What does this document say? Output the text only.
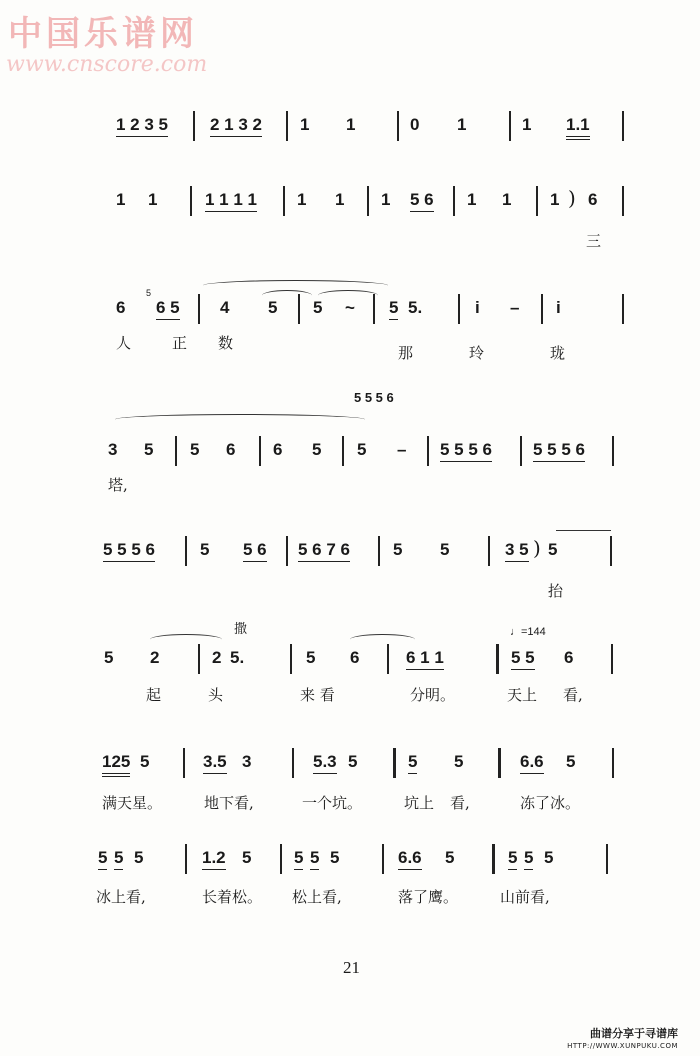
中国乐谱网
www.cnscore.com
1 2 3 5 2 1 3 2 1 1	0 1	1 1.1
1 1	1 1 1 1 1 1 1 5 6 1 1 1 ) 6
三
6
5
6 5 4 5 5 ~ 5 5.	i – i
人	正 数
那	玲	珑
5 5 5 6
3 5 5 6 6 5 5 – 5 5 5 6 5 5 5 6
塔,
5 5 5 6	5 5 6 5 6 7 6	5 5	3 5 ) 5
抬
撒	♩=144
5 2	2 5.	5 6	6 1 1	5 5 6
起	头	来 看	分明。	天上 看,
125 5	3.5 3	5.3 5	5 5	6.6 5
满天星。	地下看,	一个坑。	坑上 看,	冻了冰。
5 5 5	1.2 5	5 5 5	6.6 5	5 5 5
冰上看,	长着松。 松上看,	落了鹰。	山前看,
21
曲谱分享于寻谱库
HTTP://WWW.XUNPUKU.COM
